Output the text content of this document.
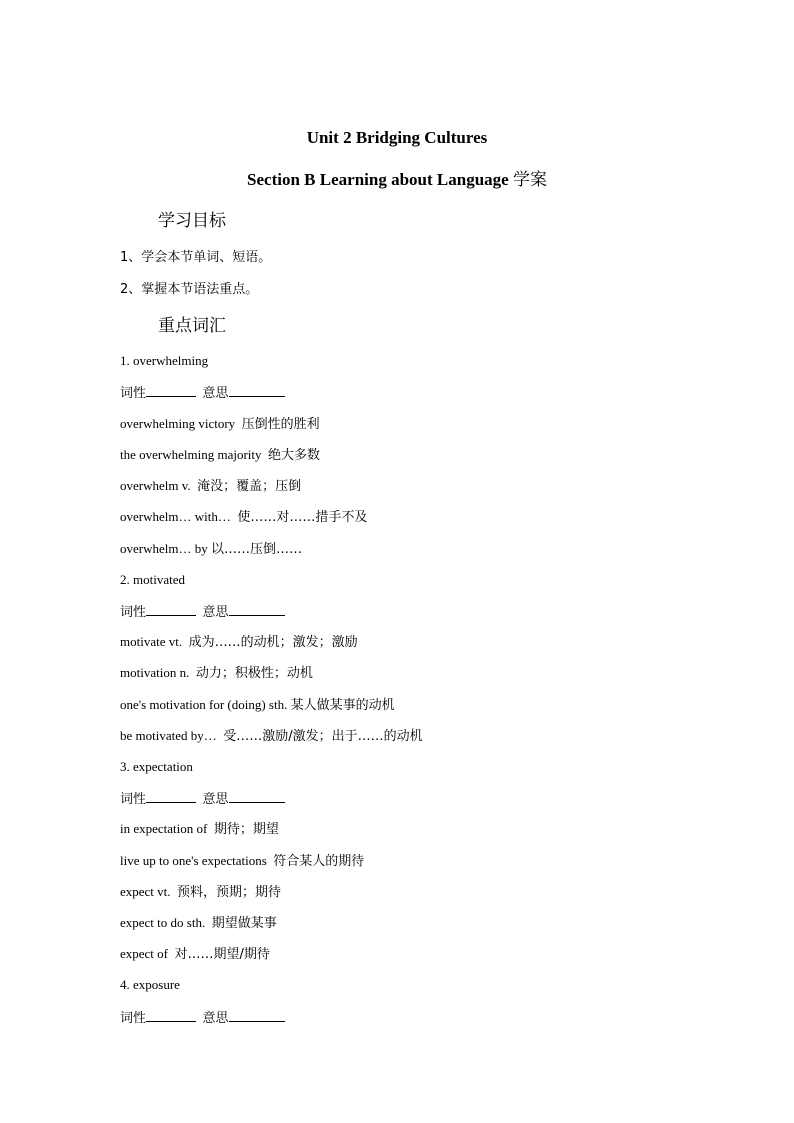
Unit 2 Bridging Cultures
Section B Learning about Language 学案
学习目标
1、学会本节单词、短语。
2、掌握本节语法重点。
重点词汇
1. overwhelming
词性	意思
overwhelming victory 压倒性的胜利
the overwhelming majority 绝大多数
overwhelm v. 淹没；覆盖；压倒
overwhelm… with… 使……对……措手不及
overwhelm… by 以……压倒……
2. motivated
词性	意思
motivate vt. 成为……的动机；激发；激励
motivation n. 动力；积极性；动机
one's motivation for (doing) sth. 某人做某事的动机
be motivated by… 受……激励/激发；出于……的动机
3. expectation
词性	意思
in expectation of 期待；期望
live up to one's expectations 符合某人的期待
expect vt. 预料，预期；期待
expect to do sth. 期望做某事
expect of 对……期望/期待
4. exposure
词性	意思
